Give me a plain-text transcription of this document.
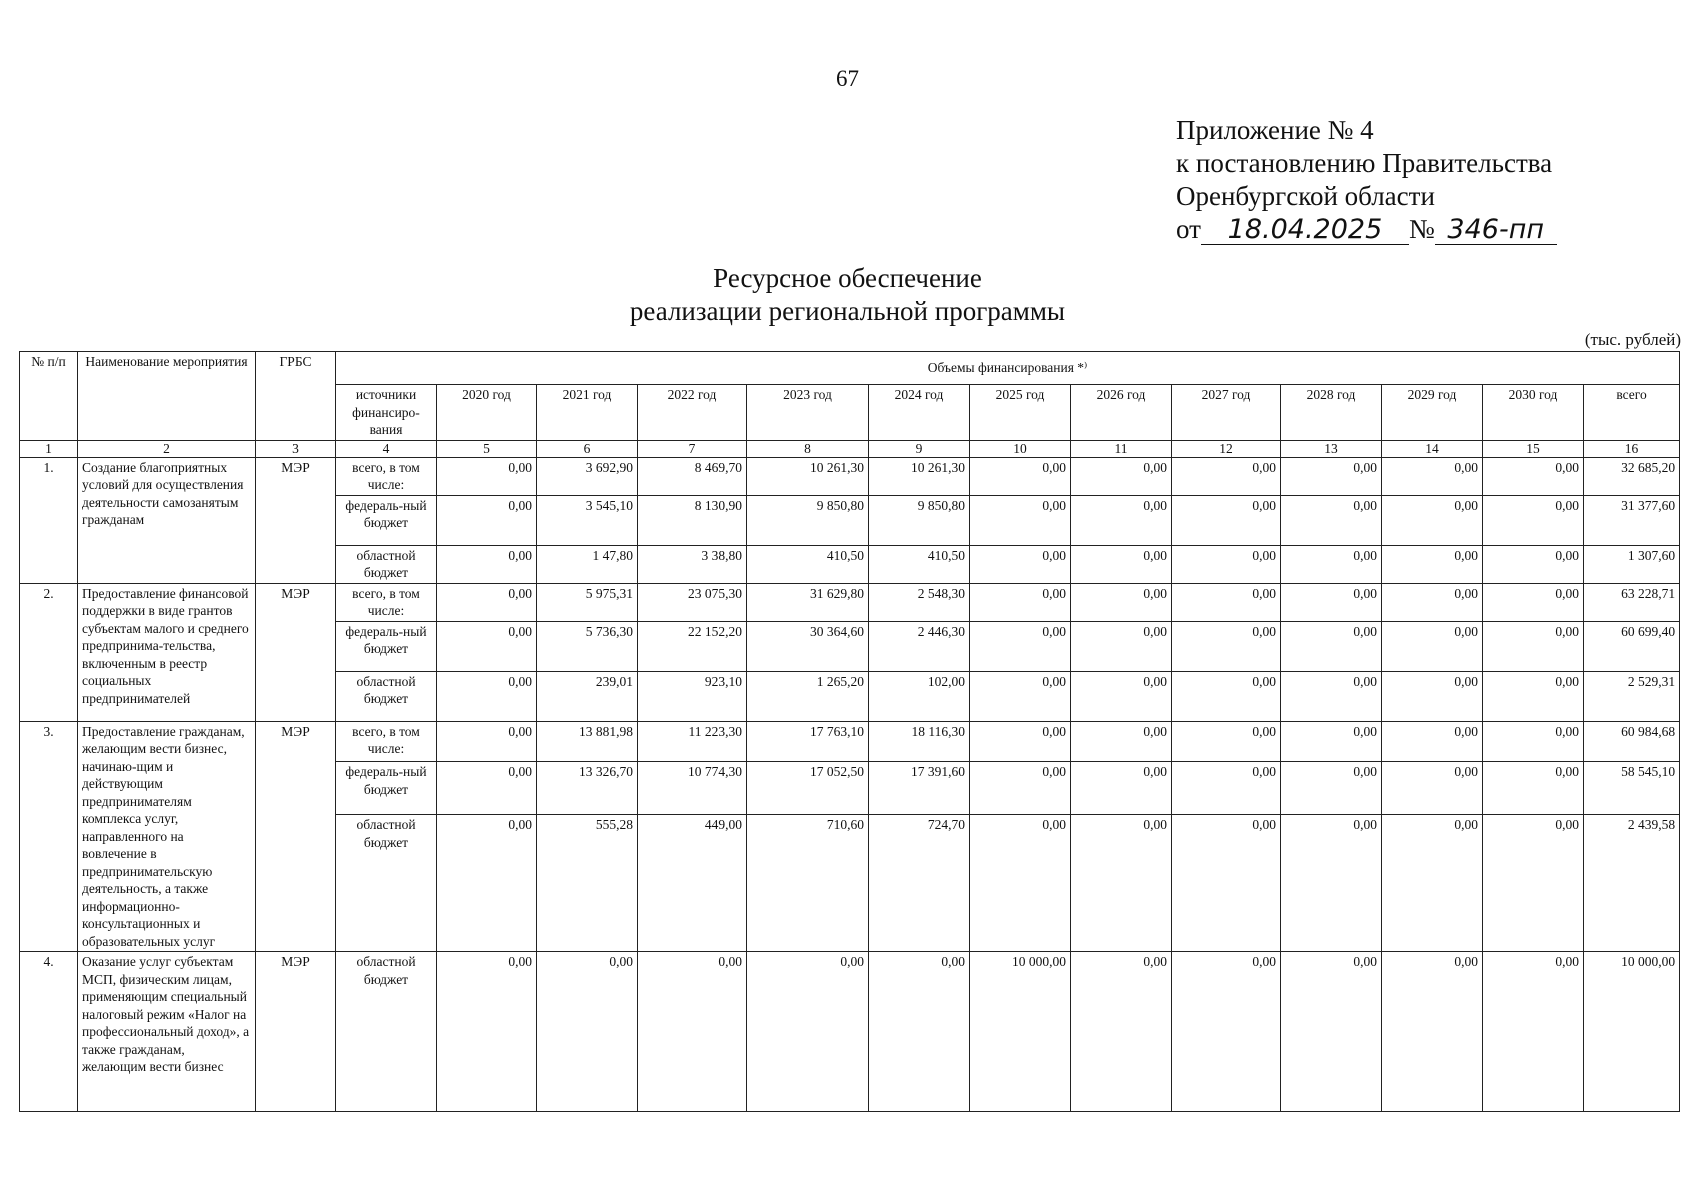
67
Приложение № 4
к постановлению Правительства
Оренбургской области
от 18.04.2025 № 346-пп
Ресурсное обеспечение
реализации региональной программы
(тыс. рублей)
№ п/п	Наименование мероприятия	ГРБС	Объемы финансирования *⁾												
			источники финансиро-вания	2020 год	2021 год	2022 год	2023 год	2024 год	2025 год	2026 год	2027 год	2028 год	2029 год	2030 год	всего
1	2	3	4	5	6	7	8	9	10	11	12	13	14	15	16
1.	Создание благоприятных условий для осуществления деятельности самозанятым гражданам	МЭР	всего, в том числе:	0,00	3 692,90	8 469,70	10 261,30	10 261,30	0,00	0,00	0,00	0,00	0,00	0,00	32 685,20
			федераль-ный бюджет	0,00	3 545,10	8 130,90	9 850,80	9 850,80	0,00	0,00	0,00	0,00	0,00	0,00	31 377,60
			областной бюджет	0,00	1 47,80	3 38,80	410,50	410,50	0,00	0,00	0,00	0,00	0,00	0,00	1 307,60
2.	Предоставление финансовой поддержки в виде грантов субъектам малого и среднего предпринима-тельства, включенным в реестр социальных предпринимателей	МЭР	всего, в том числе:	0,00	5 975,31	23 075,30	31 629,80	2 548,30	0,00	0,00	0,00	0,00	0,00	0,00	63 228,71
			федераль-ный бюджет	0,00	5 736,30	22 152,20	30 364,60	2 446,30	0,00	0,00	0,00	0,00	0,00	0,00	60 699,40
			областной бюджет	0,00	239,01	923,10	1 265,20	102,00	0,00	0,00	0,00	0,00	0,00	0,00	2 529,31
3.	Предоставление гражданам, желающим вести бизнес, начинаю-щим и действующим предпринимателям комплекса услуг, направленного на вовлечение в предпринимательскую деятельность, а также информационно-консультационных и образовательных услуг	МЭР	всего, в том числе:	0,00	13 881,98	11 223,30	17 763,10	18 116,30	0,00	0,00	0,00	0,00	0,00	0,00	60 984,68
			федераль-ный бюджет	0,00	13 326,70	10 774,30	17 052,50	17 391,60	0,00	0,00	0,00	0,00	0,00	0,00	58 545,10
			областной бюджет	0,00	555,28	449,00	710,60	724,70	0,00	0,00	0,00	0,00	0,00	0,00	2 439,58
4.	Оказание услуг субъектам МСП, физическим лицам, применяющим специальный налоговый режим «Налог на профессиональный доход», а также гражданам, желающим вести бизнес	МЭР	областной бюджет	0,00	0,00	0,00	0,00	0,00	10 000,00	0,00	0,00	0,00	0,00	0,00	10 000,00
